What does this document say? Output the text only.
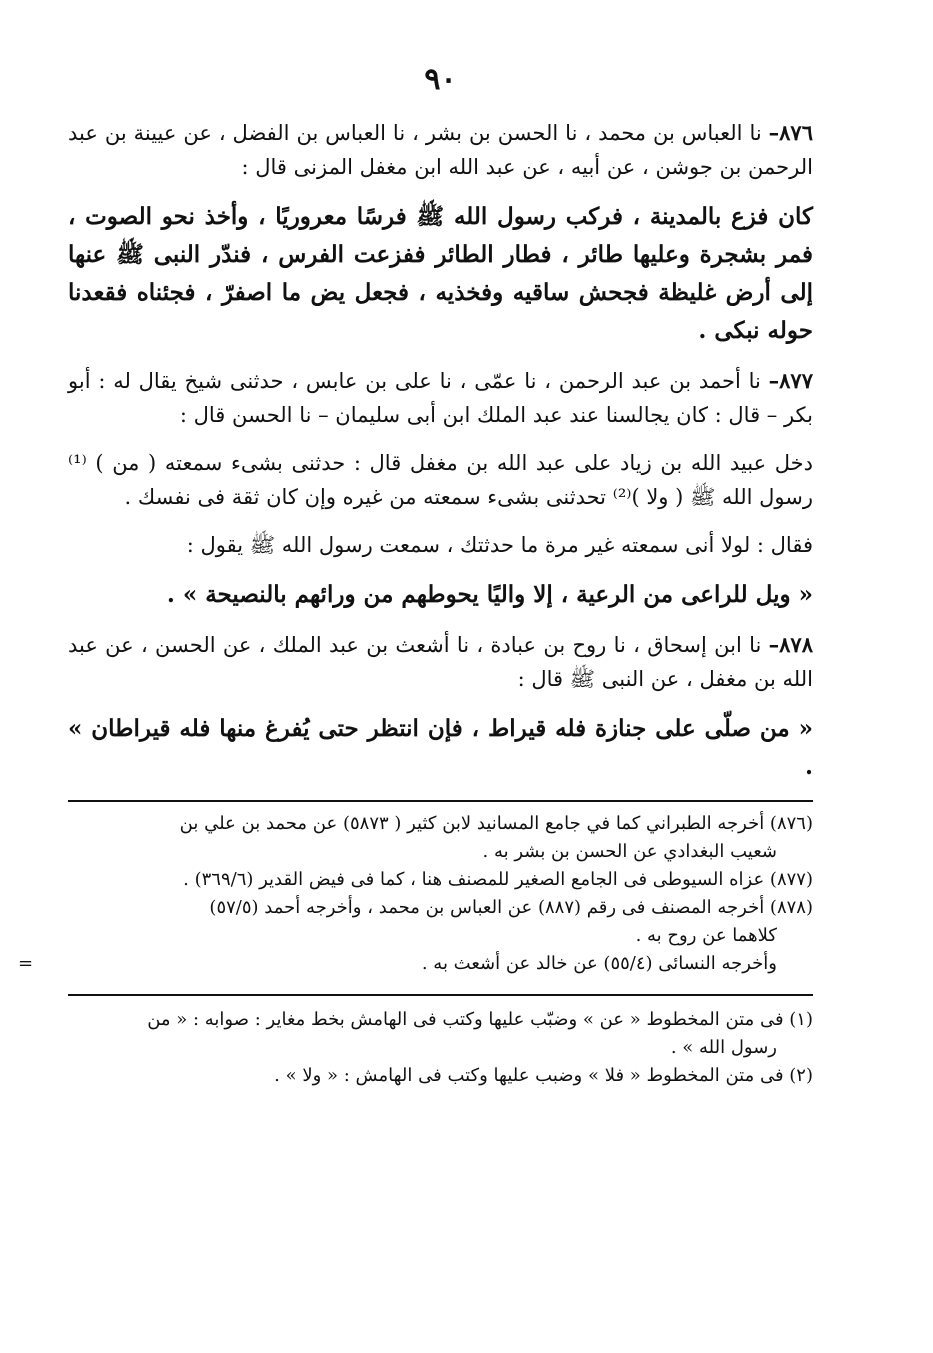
٩٠

٨٧٦– نا العباس بن محمد ، نا الحسن بن بشر ، نا العباس بن الفضل ، عن عيينة بن عبد الرحمن بن جوشن ، عن أبيه ، عن عبد الله ابن مغفل المزنى قال :

كان فزع بالمدينة ، فركب رسول الله ﷺ فرسًا معروريًا ، وأخذ نحو الصوت ، فمر بشجرة وعليها طائر ، فطار الطائر ففزعت الفرس ، فندّر النبى ﷺ عنها إلى أرض غليظة فجحش ساقيه وفخذيه ، فجعل يض ما اصفرّ ، فجئناه فقعدنا حوله نبكى .

٨٧٧– نا أحمد بن عبد الرحمن ، نا عمّى ، نا على بن عابس ، حدثنى شيخ يقال له : أبو بكر – قال : كان يجالسنا عند عبد الملك ابن أبى سليمان – نا الحسن قال :

دخل عبيد الله بن زياد على عبد الله بن مغفل قال : حدثنى بشىء سمعته ( من ) ⁽¹⁾ رسول الله ﷺ ( ولا )⁽²⁾ تحدثنى بشىء سمعته من غيره وإن كان ثقة فى نفسك .

فقال : لولا أنى سمعته غير مرة ما حدثتك ، سمعت رسول الله ﷺ يقول :

« ويل للراعى من الرعية ، إلا واليًا يحوطهم من ورائهم بالنصيحة » .

٨٧٨– نا ابن إسحاق ، نا روح بن عبادة ، نا أشعث بن عبد الملك ، عن الحسن ، عن عبد الله بن مغفل ، عن النبى ﷺ قال :

« من صلّى على جنازة فله قيراط ، فإن انتظر حتى يُفرغ منها فله قيراطان » .

(٨٧٦) أخرجه الطبراني كما في جامع المسانيد لابن كثير ( ٥٨٧٣) عن محمد بن علي بن
شعيب البغدادي عن الحسن بن بشر به .

(٨٧٧) عزاه السيوطى فى الجامع الصغير للمصنف هنا ، كما فى فيض القدير (٣٦٩/٦) .

(٨٧٨) أخرجه المصنف فى رقم (٨٨٧) عن العباس بن محمد ، وأخرجه أحمد (٥٧/٥)
كلاهما عن روح به .

وأخرجه النسائى (٥٥/٤) عن خالد عن أشعث به .
=

(١) فى متن المخطوط « عن » وضبّب عليها وكتب فى الهامش بخط مغاير : صوابه : « من
رسول الله » .

(٢) فى متن المخطوط « فلا » وضبب عليها وكتب فى الهامش : « ولا » .
